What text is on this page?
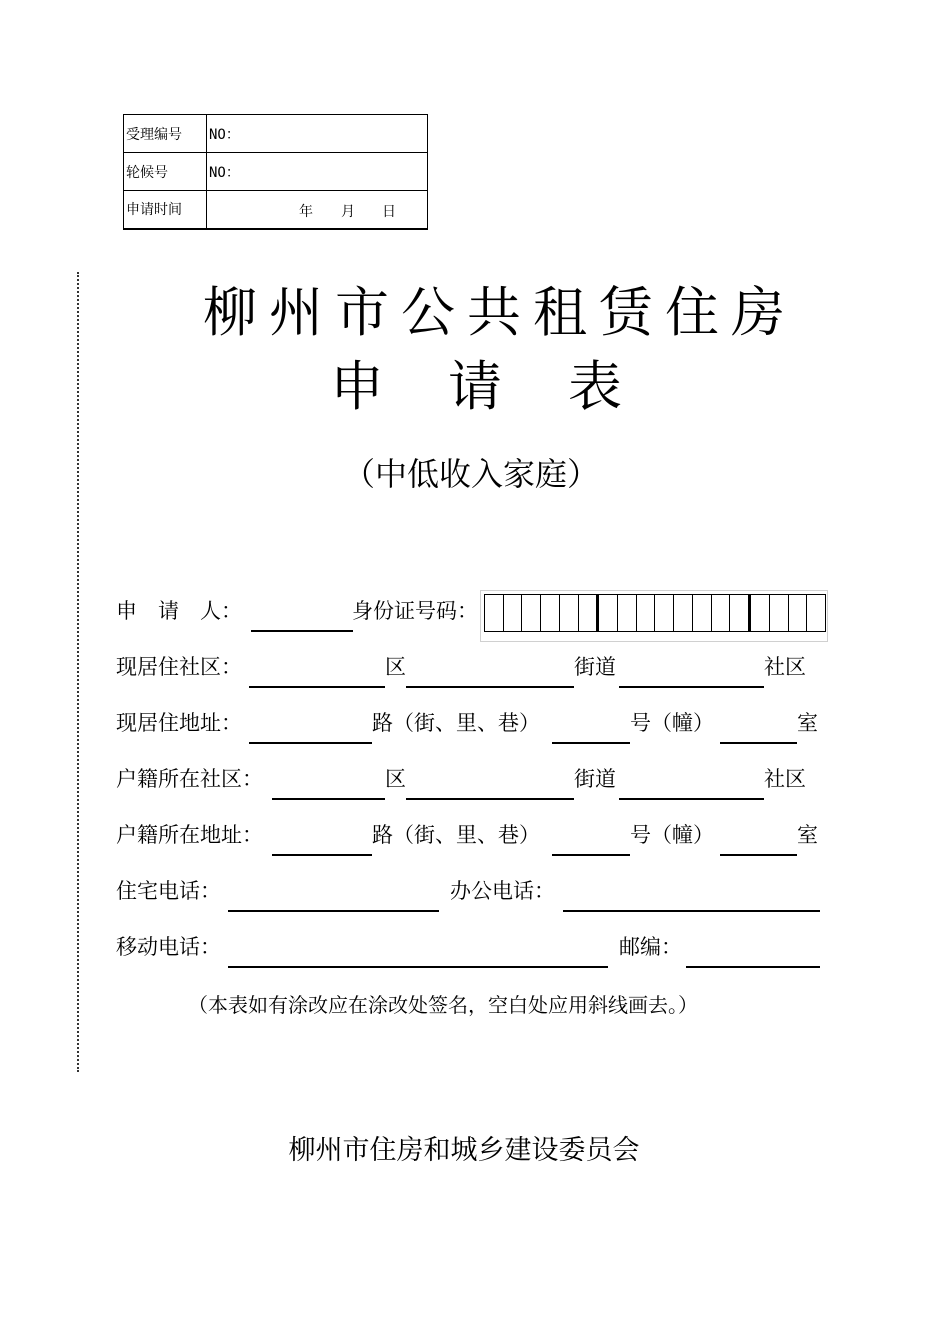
受理编号	NO：
轮候号	NO：
申请时间	年 月 日
柳州市公共租赁住房
申 请 表
（中低收入家庭）
申　请　人：	身份证号码：
现居住社区：	区	街道	社区
现居住地址：	路（街、里、巷）	号（幢）	室
户籍所在社区：	区	街道	社区
户籍所在地址：	路（街、里、巷）	号（幢）	室
住宅电话：	办公电话：
移动电话：	邮编：
（本表如有涂改应在涂改处签名，空白处应用斜线画去。）
柳州市住房和城乡建设委员会
